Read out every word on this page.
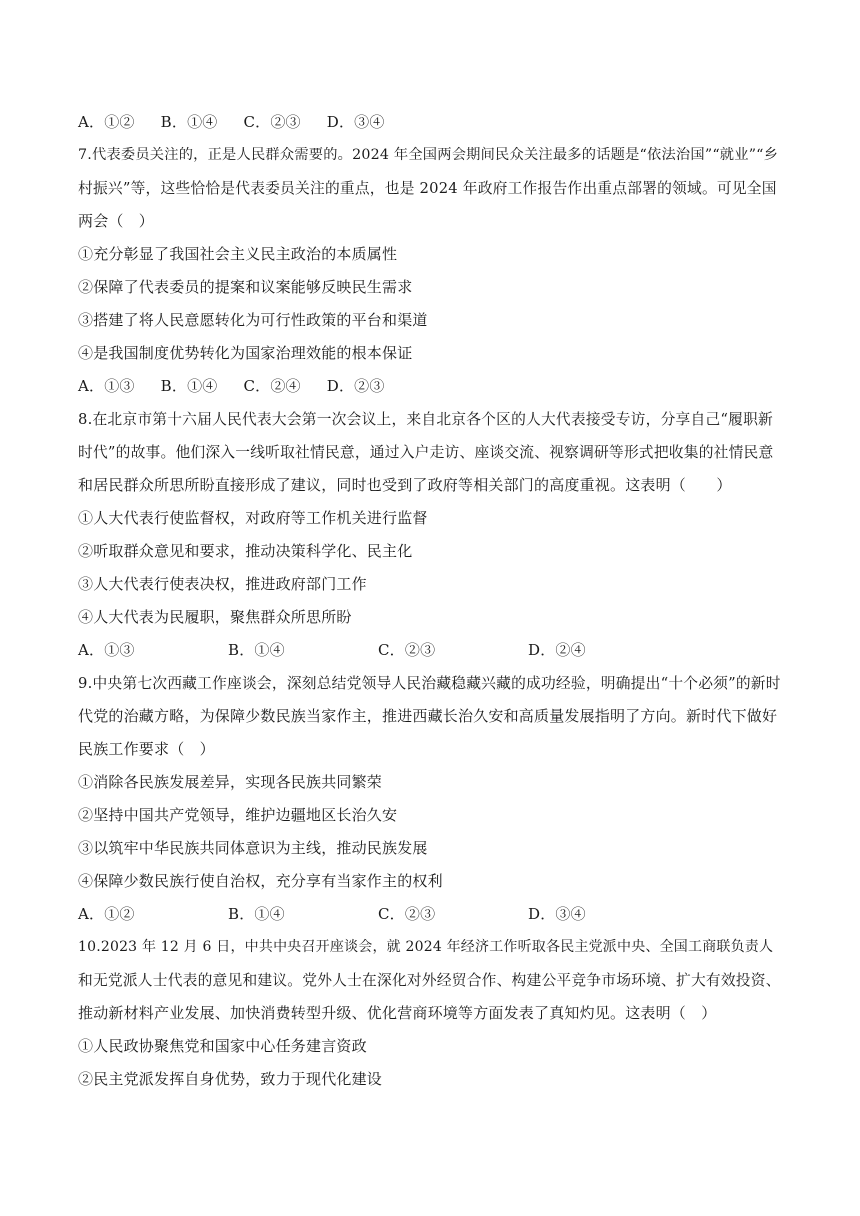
A．①② B．①④ C．②③ D．③④
7.代表委员关注的，正是人民群众需要的。2024 年全国两会期间民众关注最多的话题是“依法治国”“就业”“乡
村振兴”等，这些恰恰是代表委员关注的重点，也是 2024 年政府工作报告作出重点部署的领域。可见全国
两会（　）
①充分彰显了我国社会主义民主政治的本质属性
②保障了代表委员的提案和议案能够反映民生需求
③搭建了将人民意愿转化为可行性政策的平台和渠道
④是我国制度优势转化为国家治理效能的根本保证
A．①③ B．①④ C．②④ D．②③
8.在北京市第十六届人民代表大会第一次会议上，来自北京各个区的人大代表接受专访，分享自己“履职新
时代”的故事。他们深入一线听取社情民意，通过入户走访、座谈交流、视察调研等形式把收集的社情民意
和居民群众所思所盼直接形成了建议，同时也受到了政府等相关部门的高度重视。这表明（　　）
①人大代表行使监督权，对政府等工作机关进行监督
②听取群众意见和要求，推动决策科学化、民主化
③人大代表行使表决权，推进政府部门工作
④人大代表为民履职，聚焦群众所思所盼
A．①③	B．①④	C．②③	D．②④
9.中央第七次西藏工作座谈会，深刻总结党领导人民治藏稳藏兴藏的成功经验，明确提出“十个必须”的新时
代党的治藏方略，为保障少数民族当家作主，推进西藏长治久安和高质量发展指明了方向。新时代下做好
民族工作要求（　）
①消除各民族发展差异，实现各民族共同繁荣
②坚持中国共产党领导，维护边疆地区长治久安
③以筑牢中华民族共同体意识为主线，推动民族发展
④保障少数民族行使自治权，充分享有当家作主的权利
A．①②	B．①④	C．②③	D．③④
10.2023 年 12 月 6 日，中共中央召开座谈会，就 2024 年经济工作听取各民主党派中央、全国工商联负责人
和无党派人士代表的意见和建议。党外人士在深化对外经贸合作、构建公平竞争市场环境、扩大有效投资、
推动新材料产业发展、加快消费转型升级、优化营商环境等方面发表了真知灼见。这表明（　）
①人民政协聚焦党和国家中心任务建言资政
②民主党派发挥自身优势，致力于现代化建设
